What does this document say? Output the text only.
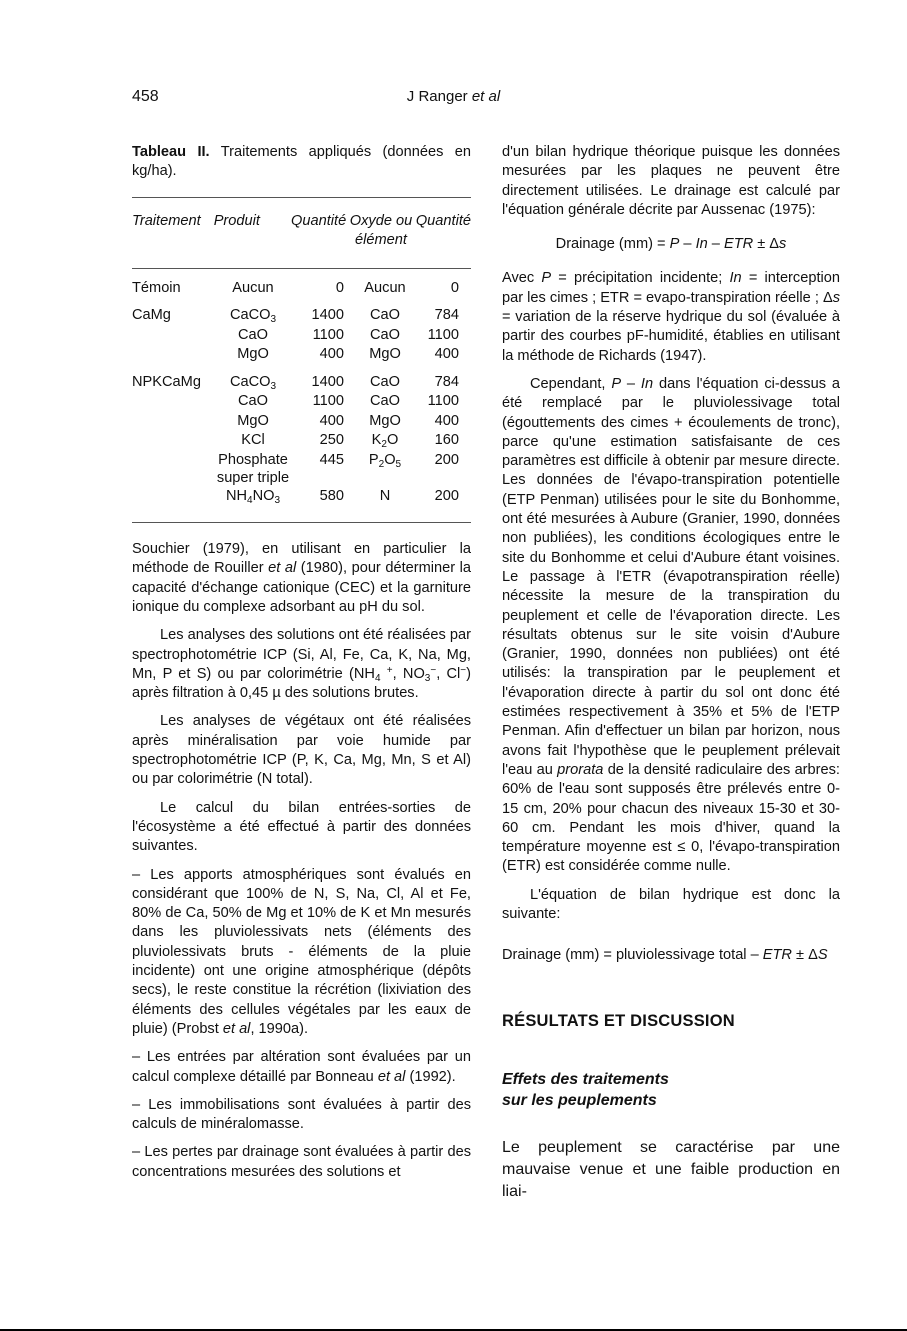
458	J Ranger et al

Tableau II. Traitements appliqués (données en kg/ha).

Traitement	Produit	Quantité	Oxyde ou élément	Quantité
Témoin	Aucun	0	Aucun	0

CaMg	CaCO$_3$	1400	CaO	784
	CaO	1100	CaO	1100
	MgO	400	MgO	400

NPKCaMg	CaCO$_3$	1400	CaO	784
	CaO	1100	CaO	1100
	MgO	400	MgO	400
	KCl	250	$K_2O$	160
	Phosphate super triple	445	$P_2O_5$	200
	$NH_4NO_3$	580	N	200

Souchier (1979), en utilisant en particulier la méthode de Rouiller et al (1980), pour déterminer la capacité d'échange cationique (CEC) et la garniture ionique du complexe adsorbant au pH du sol.

Les analyses des solutions ont été réalisées par spectrophotométrie ICP (Si, Al, Fe, Ca, K, Na, Mg, Mn, P et S) ou par colorimétrie ($NH_4$ +, $NO_3^-$, Cl−) après filtration à 0,45 µ des solutions brutes.

Les analyses de végétaux ont été réalisées après minéralisation par voie humide par spectrophotométrie ICP (P, K, Ca, Mg, Mn, S et Al) ou par colorimétrie (N total).

Le calcul du bilan entrées-sorties de l'écosystème a été effectué à partir des données suivantes.

– Les apports atmosphériques sont évalués en considérant que 100% de N, S, Na, Cl, Al et Fe, 80% de Ca, 50% de Mg et 10% de K et Mn mesurés dans les pluviolessivats nets (éléments des pluviolessivats bruts - éléments de la pluie incidente) ont une origine atmosphérique (dépôts secs), le reste constitue la récrétion (lixiviation des éléments des cellules végétales par les eaux de pluie) (Probst et al, 1990a).

– Les entrées par altération sont évaluées par un calcul complexe détaillé par Bonneau et al (1992).

– Les immobilisations sont évaluées à partir des calculs de minéralomasse.

– Les pertes par drainage sont évaluées à partir des concentrations mesurées des solutions et

d'un bilan hydrique théorique puisque les données mesurées par les plaques ne peuvent être directement utilisées. Le drainage est calculé par l'équation générale décrite par Aussenac (1975):

Drainage (mm) = P – In – ETR ± Δs

Avec P = précipitation incidente; In = interception par les cimes ; ETR = evapo-transpiration réelle ; Δs = variation de la réserve hydrique du sol (évaluée à partir des courbes pF-humidité, établies en utilisant la méthode de Richards (1947).

Cependant, P – In dans l'équation ci-dessus a été remplacé par le pluviolessivage total (égouttements des cimes + écoulements de tronc), parce qu'une estimation satisfaisante de ces paramètres est difficile à obtenir par mesure directe. Les données de l'évapo-transpiration potentielle (ETP Penman) utilisées pour le site du Bonhomme, ont été mesurées à Aubure (Granier, 1990, données non publiées), les conditions écologiques entre le site du Bonhomme et celui d'Aubure étant voisines. Le passage à l'ETR (évapotranspiration réelle) nécessite la mesure de la transpiration du peuplement et celle de l'évaporation directe. Les résultats obtenus sur le site voisin d'Aubure (Granier, 1990, données non publiées) ont été utilisés: la transpiration par le peuplement et l'évaporation directe à partir du sol ont donc été estimées respectivement à 35% et 5% de l'ETP Penman. Afin d'effectuer un bilan par horizon, nous avons fait l'hypothèse que le peuplement prélevait l'eau au prorata de la densité radiculaire des arbres: 60% de l'eau sont supposés être prélevés entre 0-15 cm, 20% pour chacun des niveaux 15-30 et 30-60 cm. Pendant les mois d'hiver, quand la température moyenne est ≤ 0, l'évapo-transpiration (ETR) est considérée comme nulle.

L'équation de bilan hydrique est donc la suivante:

Drainage (mm) = pluviolessivage total – ETR ± ΔS

RÉSULTATS ET DISCUSSION

Effets des traitements
sur les peuplements

Le peuplement se caractérise par une mauvaise venue et une faible production en liai-
